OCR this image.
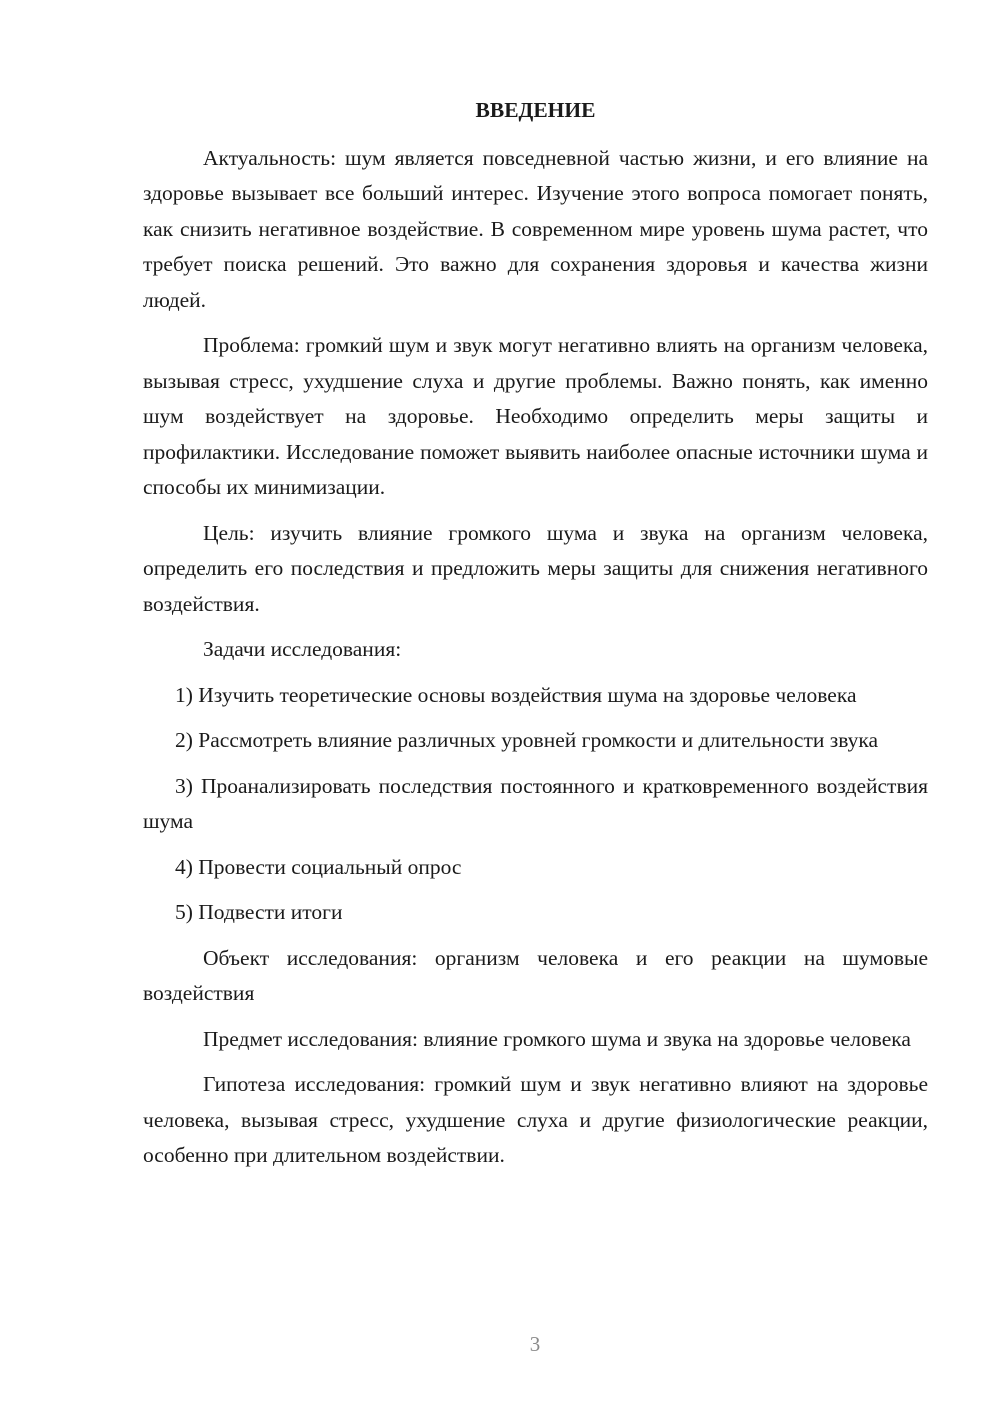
ВВЕДЕНИЕ

Актуальность: шум является повседневной частью жизни, и его влияние на здоровье вызывает все больший интерес. Изучение этого вопроса помогает понять, как снизить негативное воздействие. В современном мире уровень шума растет, что требует поиска решений. Это важно для сохранения здоровья и качества жизни людей.

Проблема: громкий шум и звук могут негативно влиять на организм человека, вызывая стресс, ухудшение слуха и другие проблемы. Важно понять, как именно шум воздействует на здоровье. Необходимо определить меры защиты и профилактики. Исследование поможет выявить наиболее опасные источники шума и способы их минимизации.

Цель: изучить влияние громкого шума и звука на организм человека, определить его последствия и предложить меры защиты для снижения негативного воздействия.

Задачи исследования:

1) Изучить теоретические основы воздействия шума на здоровье человека

2) Рассмотреть влияние различных уровней громкости и длительности звука

3) Проанализировать последствия постоянного и кратковременного воздействия шума

4) Провести социальный опрос

5) Подвести итоги

Объект исследования: организм человека и его реакции на шумовые воздействия

Предмет исследования: влияние громкого шума и звука на здоровье человека

Гипотеза исследования: громкий шум и звук негативно влияют на здоровье человека, вызывая стресс, ухудшение слуха и другие физиологические реакции, особенно при длительном воздействии.

3
